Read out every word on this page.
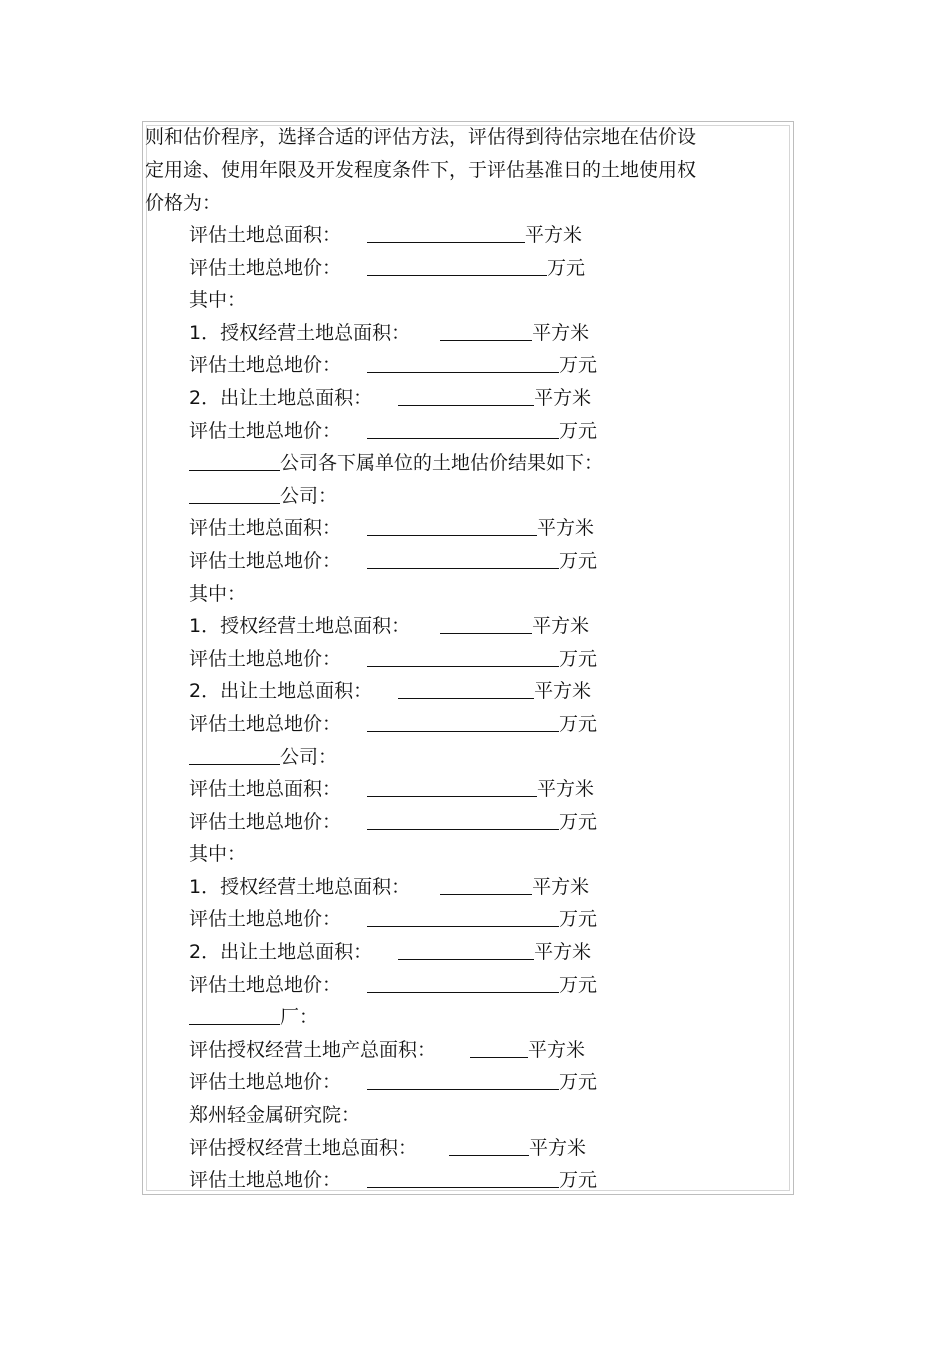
则和估价程序，选择合适的评估方法，评估得到待估宗地在估价设
定用途、使用年限及开发程度条件下，于评估基准日的土地使用权
价格为：
评估土地总面积：	平方米
评估土地总地价：	万元
其中：
1．授权经营土地总面积：	平方米
评估土地总地价：	万元
2．出让土地总面积：	平方米
评估土地总地价：	万元
公司各下属单位的土地估价结果如下：
公司：
评估土地总面积：	平方米
评估土地总地价：	万元
其中：
1．授权经营土地总面积：	平方米
评估土地总地价：	万元
2．出让土地总面积：	平方米
评估土地总地价：	万元
公司：
评估土地总面积：	平方米
评估土地总地价：	万元
其中：
1．授权经营土地总面积：	平方米
评估土地总地价：	万元
2．出让土地总面积：	平方米
评估土地总地价：	万元
厂：
评估授权经营土地产总面积：	平方米
评估土地总地价：	万元
郑州轻金属研究院：
评估授权经营土地总面积：	平方米
评估土地总地价：	万元
